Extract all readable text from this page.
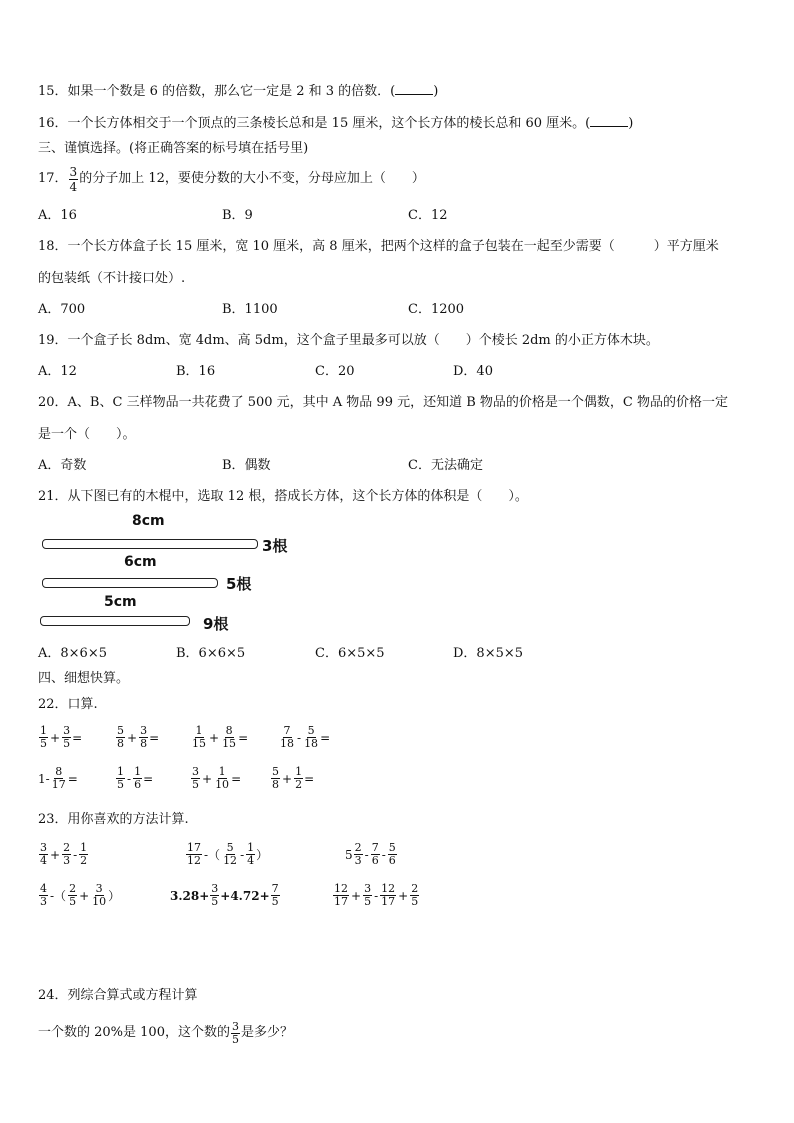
15．如果一个数是 6 的倍数，那么它一定是 2 和 3 的倍数．(	)
16．一个长方体相交于一个顶点的三条棱长总和是 15 厘米，这个长方体的棱长总和 60 厘米。(	)
三、谨慎选择。(将正确答案的标号填在括号里)
17． $\frac{3}{4}$ 的分子加上 12，要使分数的大小不变，分母应加上（　　）
A．16	B．9	C．12
18．一个长方体盒子长 15 厘米，宽 10 厘米，高 8 厘米，把两个这样的盒子包装在一起至少需要（　　　）平方厘米
的包装纸（不计接口处）.
A．700	B．1100	C．1200
19．一个盒子长 8dm、宽 4dm、高 5dm，这个盒子里最多可以放（　　）个棱长 2dm 的小正方体木块。
A．12	B．16	C．20	D．40
20．A、B、C 三样物品一共花费了 500 元，其中 A 物品 99 元，还知道 B 物品的价格是一个偶数，C 物品的价格一定
是一个（　　）。
A．奇数	B．偶数	C．无法确定
21．从下图已有的木棍中，选取 12 根，搭成长方体，这个长方体的体积是（　　）。
8cm
3根
6cm
5根
5cm
9根
A．8×6×5	B．6×6×5	C．6×5×5	D．8×5×5
四、细想快算。
22．口算.
$\frac{1}{5} + \frac{3}{5}$ =	$\frac{5}{8} + \frac{3}{8}$ =	$\frac{1}{15} + \frac{8}{15}$ =	$\frac{7}{18} - \frac{5}{18}$ =
$1- \frac{8}{17}$ =	$\frac{1}{5} - \frac{1}{6}$ =	$\frac{3}{5} + \frac{1}{10}$ =	$\frac{5}{8} + \frac{1}{2}$ =
23．用你喜欢的方法计算.
$\frac{3}{4} + \frac{2}{3} - \frac{1}{2}$	$\frac{17}{12}$ -（ $\frac{5}{12} - \frac{1}{4}$ ）	$5 \frac{2}{3} - \frac{7}{6} - \frac{5}{6}$
$\frac{4}{3}$ -（ $\frac{2}{5} + \frac{3}{10}$ ）	$3.28+ \frac{3}{5} +4.72+ \frac{7}{5}$	$\frac{12}{17} + \frac{3}{5} - \frac{12}{17} + \frac{2}{5}$
24．列综合算式或方程计算
一个数的 20%是 100，这个数的 $\frac{3}{5}$ 是多少？
